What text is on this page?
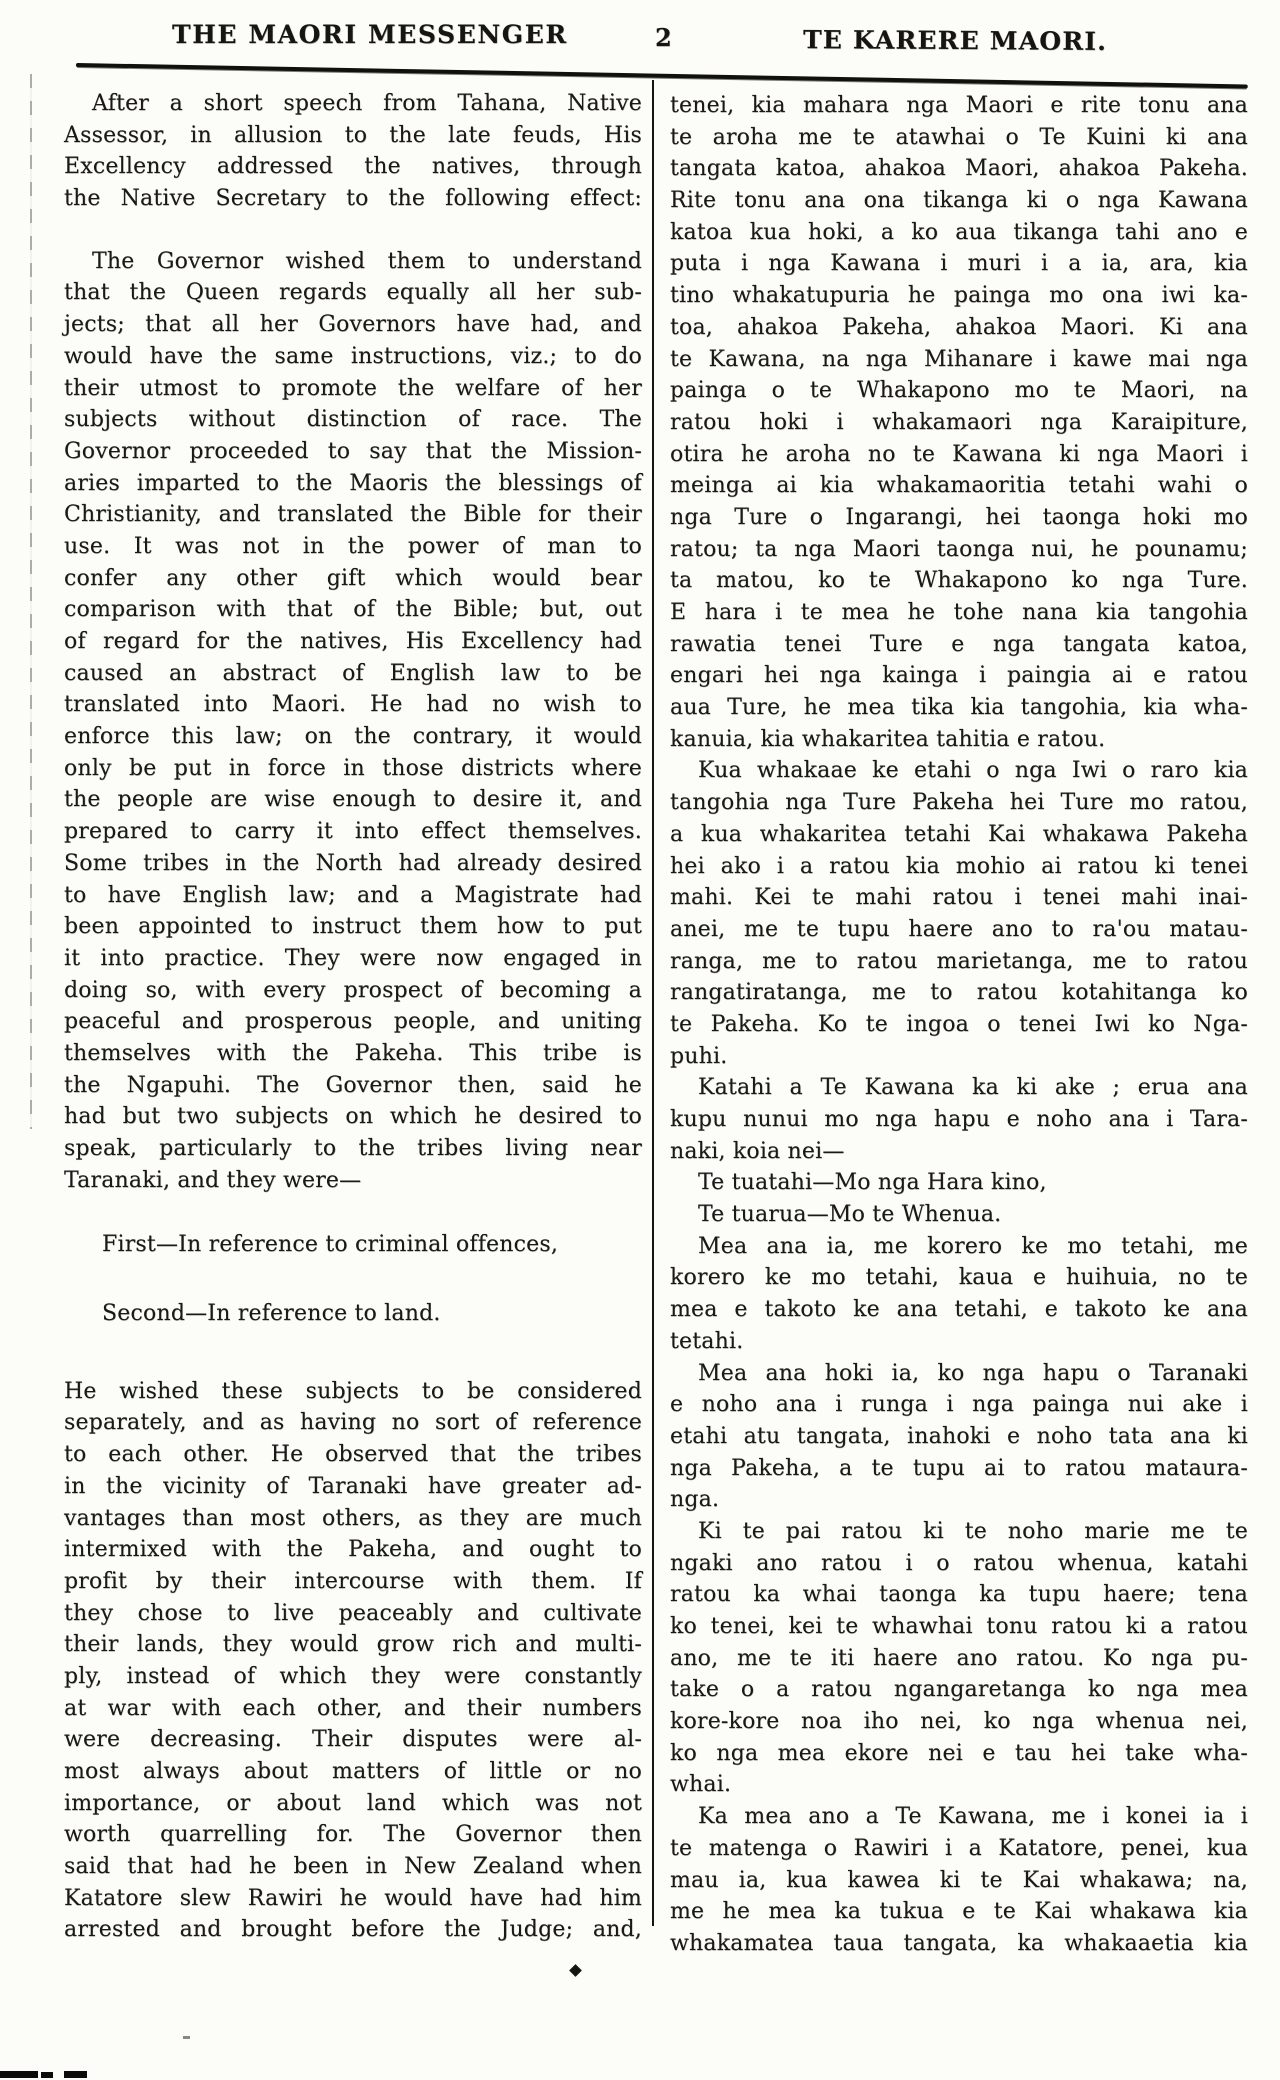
THE MAORI MESSENGER	2	TE KARERE MAORI.
After a short speech from Tahana, Native
Assessor, in allusion to the late feuds, His
Excellency addressed the natives, through
the Native Secretary to the following effect:
The Governor wished them to understand
that the Queen regards equally all her sub-
jects; that all her Governors have had, and
would have the same instructions, viz.; to do
their utmost to promote the welfare of her
subjects without distinction of race. The
Governor proceeded to say that the Mission-
aries imparted to the Maoris the blessings of
Christianity, and translated the Bible for their
use. It was not in the power of man to
confer any other gift which would bear
comparison with that of the Bible; but, out
of regard for the natives, His Excellency had
caused an abstract of English law to be
translated into Maori. He had no wish to
enforce this law; on the contrary, it would
only be put in force in those districts where
the people are wise enough to desire it, and
prepared to carry it into effect themselves.
Some tribes in the North had already desired
to have English law; and a Magistrate had
been appointed to instruct them how to put
it into practice. They were now engaged in
doing so, with every prospect of becoming a
peaceful and prosperous people, and uniting
themselves with the Pakeha. This tribe is
the Ngapuhi. The Governor then, said he
had but two subjects on which he desired to
speak, particularly to the tribes living near
Taranaki, and they were—
First—In reference to criminal offences,
Second—In reference to land.
He wished these subjects to be considered
separately, and as having no sort of reference
to each other. He observed that the tribes
in the vicinity of Taranaki have greater ad-
vantages than most others, as they are much
intermixed with the Pakeha, and ought to
profit by their intercourse with them. If
they chose to live peaceably and cultivate
their lands, they would grow rich and multi-
ply, instead of which they were constantly
at war with each other, and their numbers
were decreasing. Their disputes were al-
most always about matters of little or no
importance, or about land which was not
worth quarrelling for. The Governor then
said that had he been in New Zealand when
Katatore slew Rawiri he would have had him
arrested and brought before the Judge; and,
tenei, kia mahara nga Maori e rite tonu ana
te aroha me te atawhai o Te Kuini ki ana
tangata katoa, ahakoa Maori, ahakoa Pakeha.
Rite tonu ana ona tikanga ki o nga Kawana
katoa kua hoki, a ko aua tikanga tahi ano e
puta i nga Kawana i muri i a ia, ara, kia
tino whakatupuria he painga mo ona iwi ka-
toa, ahakoa Pakeha, ahakoa Maori. Ki ana
te Kawana, na nga Mihanare i kawe mai nga
painga o te Whakapono mo te Maori, na
ratou hoki i whakamaori nga Karaipiture,
otira he aroha no te Kawana ki nga Maori i
meinga ai kia whakamaoritia tetahi wahi o
nga Ture o Ingarangi, hei taonga hoki mo
ratou; ta nga Maori taonga nui, he pounamu;
ta matou, ko te Whakapono ko nga Ture.
E hara i te mea he tohe nana kia tangohia
rawatia tenei Ture e nga tangata katoa,
engari hei nga kainga i paingia ai e ratou
aua Ture, he mea tika kia tangohia, kia wha-
kanuia, kia whakaritea tahitia e ratou.
Kua whakaae ke etahi o nga Iwi o raro kia
tangohia nga Ture Pakeha hei Ture mo ratou,
a kua whakaritea tetahi Kai whakawa Pakeha
hei ako i a ratou kia mohio ai ratou ki tenei
mahi. Kei te mahi ratou i tenei mahi inai-
anei, me te tupu haere ano to ra'ou matau-
ranga, me to ratou marietanga, me to ratou
rangatiratanga, me to ratou kotahitanga ko
te Pakeha. Ko te ingoa o tenei Iwi ko Nga-
puhi.
Katahi a Te Kawana ka ki ake ; erua ana
kupu nunui mo nga hapu e noho ana i Tara-
naki, koia nei—
Te tuatahi—Mo nga Hara kino,
Te tuarua—Mo te Whenua.
Mea ana ia, me korero ke mo tetahi, me
korero ke mo tetahi, kaua e huihuia, no te
mea e takoto ke ana tetahi, e takoto ke ana
tetahi.
Mea ana hoki ia, ko nga hapu o Taranaki
e noho ana i runga i nga painga nui ake i
etahi atu tangata, inahoki e noho tata ana ki
nga Pakeha, a te tupu ai to ratou mataura-
nga.
Ki te pai ratou ki te noho marie me te
ngaki ano ratou i o ratou whenua, katahi
ratou ka whai taonga ka tupu haere; tena
ko tenei, kei te whawhai tonu ratou ki a ratou
ano, me te iti haere ano ratou. Ko nga pu-
take o a ratou ngangaretanga ko nga mea
kore-kore noa iho nei, ko nga whenua nei,
ko nga mea ekore nei e tau hei take wha-
whai.
Ka mea ano a Te Kawana, me i konei ia i
te matenga o Rawiri i a Katatore, penei, kua
mau ia, kua kawea ki te Kai whakawa; na,
me he mea ka tukua e te Kai whakawa kia
whakamatea taua tangata, ka whakaaetia kia
